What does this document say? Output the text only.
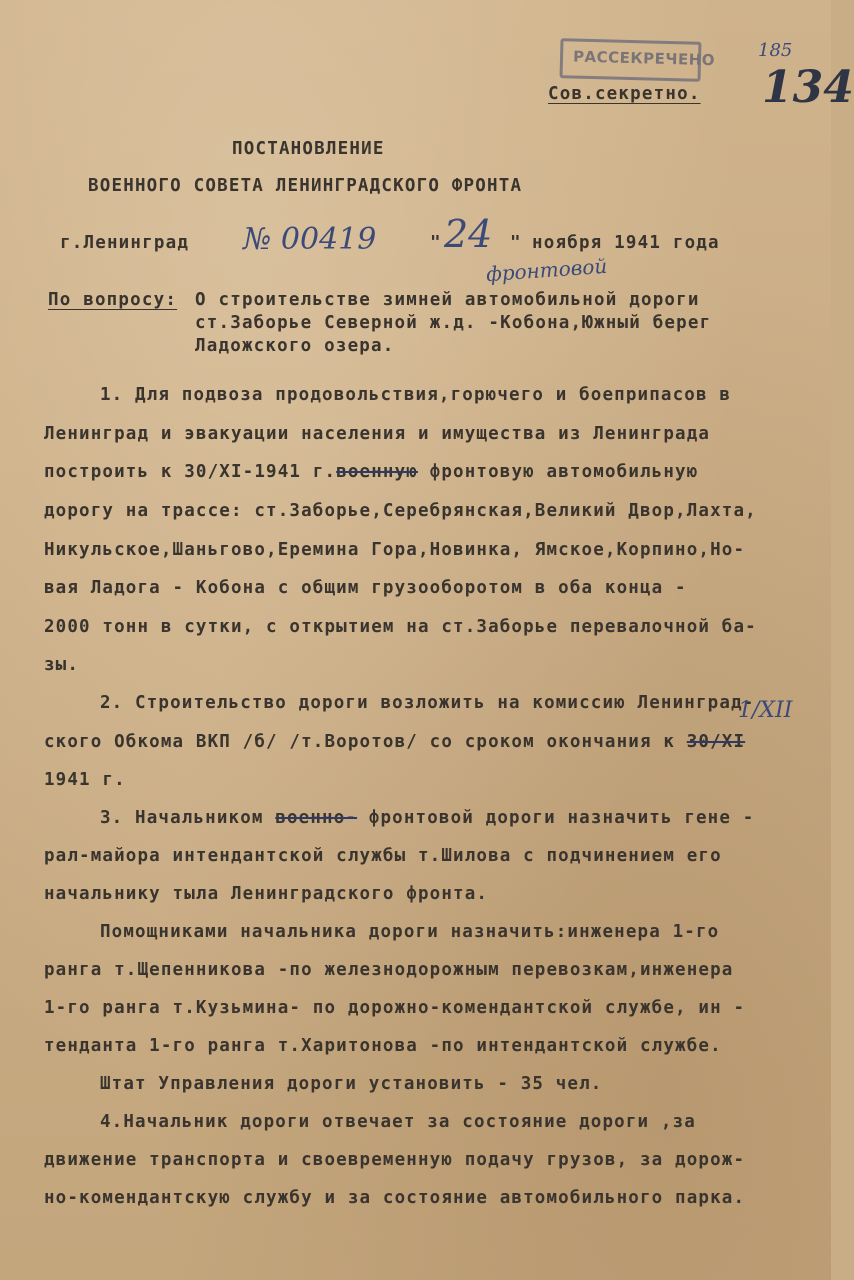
РАССЕКРЕЧЕНО 185
134
Сов.секретно.
ПОСТАНОВЛЕНИЕ
ВОЕННОГО СОВЕТА ЛЕНИНГРАДСКОГО ФРОНТА
г.Ленинград № 00419	" 24 " ноября 1941 года
фронтовой
По вопросу: О строительстве зимней автомобильной дороги
ст.Заборье Северной ж.д. -Кобона,Южный берег
Ладожского озера.
1. Для подвоза продовольствия,горючего и боеприпасов в
Ленинград и эвакуации населения и имущества из Ленинграда
построить к 30/XI-1941 г.военную фронтовую автомобильную
дорогу на трассе: ст.Заборье,Серебрянская,Великий Двор,Лахта,
Никульское,Шаньгово,Еремина Гора,Новинка, Ямское,Корпино,Но-
вая Ладога - Кобона с общим грузооборотом в оба конца -
2000 тонн в сутки, с открытием на ст.Заборье перевалочной ба-
зы.
2. Строительство дороги возложить на комиссию Ленинград-
ского Обкома ВКП /б/ /т.Воротов/ со сроком окончания к 30/XI
1/XII
1941 г.
3. Начальником военно- фронтовой дороги назначить гене -
рал-майора интендантской службы т.Шилова с подчинением его
начальнику тыла Ленинградского фронта.
Помощниками начальника дороги назначить:инженера 1-го
ранга т.Щепенникова -по железнодорожным перевозкам,инженера
1-го ранга т.Кузьмина- по дорожно-комендантской службе, ин -
тенданта 1-го ранга т.Харитонова -по интендантской службе.
Штат Управления дороги установить - 35 чел.
4.Начальник дороги отвечает за состояние дороги ,за
движение транспорта и своевременную подачу грузов, за дорож-
но-комендантскую службу и за состояние автомобильного парка.
